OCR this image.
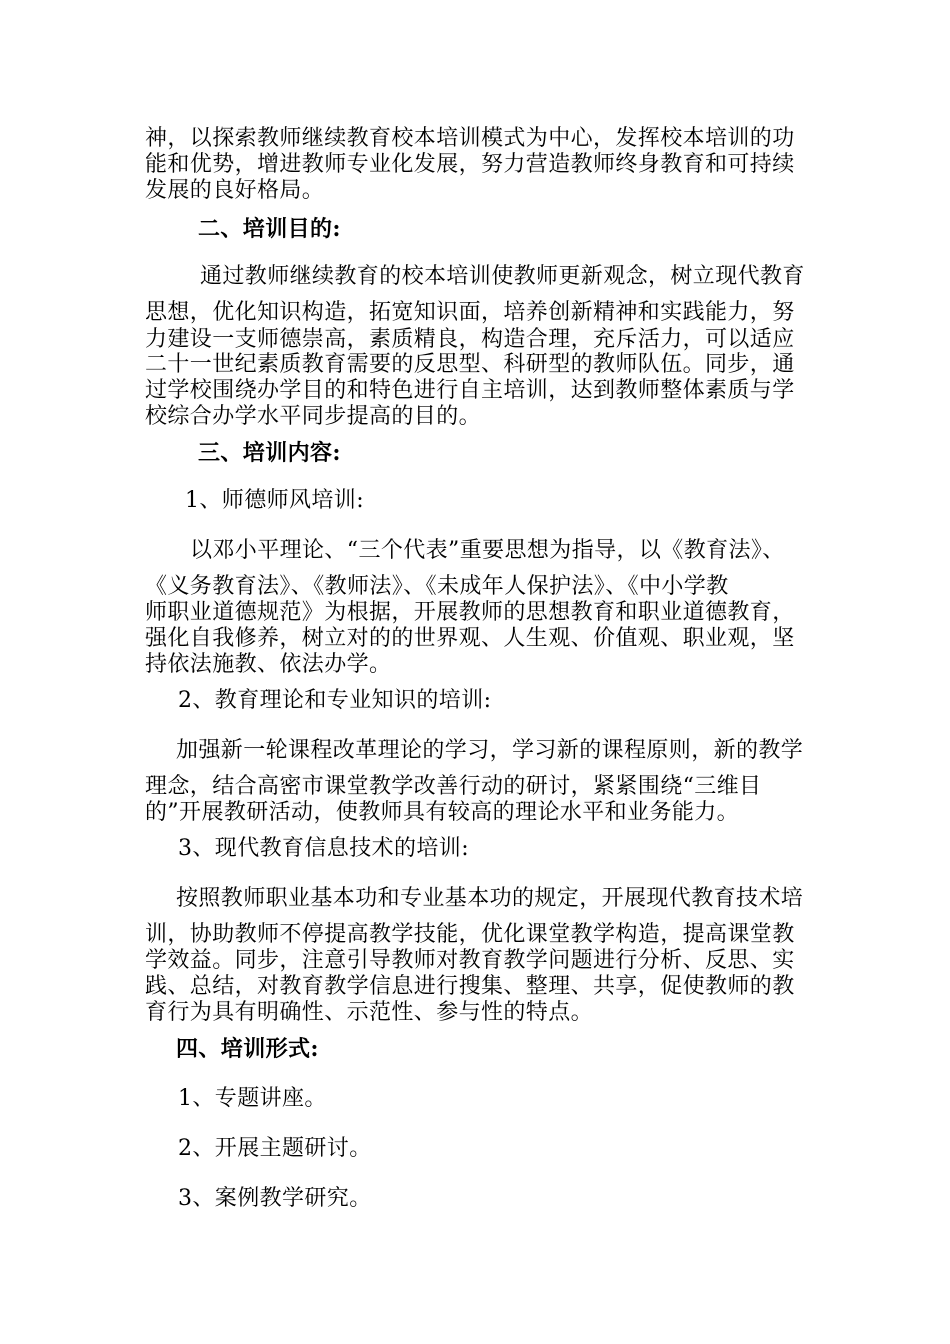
神，以探索教师继续教育校本培训模式为中心，发挥校本培训的功
能和优势，增进教师专业化发展，努力营造教师终身教育和可持续
发展的良好格局。
二、培训目的:
通过教师继续教育的校本培训使教师更新观念，树立现代教育
思想，优化知识构造，拓宽知识面，培养创新精神和实践能力，努
力建设一支师德崇高，素质精良，构造合理，充斥活力，可以适应
二十一世纪素质教育需要的反思型、科研型的教师队伍。同步，通
过学校围绕办学目的和特色进行自主培训，达到教师整体素质与学
校综合办学水平同步提高的目的。
三、培训内容:
1、师德师风培训:
以邓小平理论、“三个代表”重要思想为指导，以《教育法》、
《义务教育法》、《教师法》、《未成年人保护法》、《中小学教
师职业道德规范》为根据，开展教师的思想教育和职业道德教育，
强化自我修养，树立对的的世界观、人生观、价值观、职业观，坚
持依法施教、依法办学。
2、教育理论和专业知识的培训:
加强新一轮课程改革理论的学习，学习新的课程原则，新的教学
理念，结合高密市课堂教学改善行动的研讨，紧紧围绕“三维目
的”开展教研活动，使教师具有较高的理论水平和业务能力。
3、现代教育信息技术的培训:
按照教师职业基本功和专业基本功的规定，开展现代教育技术培
训，协助教师不停提高教学技能，优化课堂教学构造，提高课堂教
学效益。同步，注意引导教师对教育教学问题进行分析、反思、实
践、总结，对教育教学信息进行搜集、整理、共享，促使教师的教
育行为具有明确性、示范性、参与性的特点。
四、培训形式:
1、专题讲座。
2、开展主题研讨。
3、案例教学研究。
